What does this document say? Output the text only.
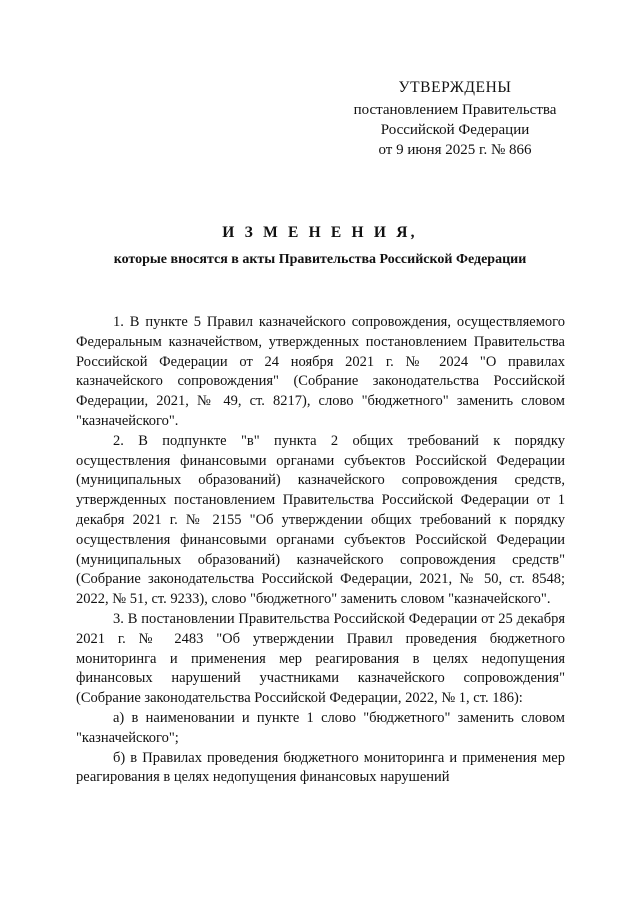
УТВЕРЖДЕНЫ
постановлением Правительства
Российской Федерации
от 9 июня 2025 г. № 866
И З М Е Н Е Н И Я,
которые вносятся в акты Правительства Российской Федерации

1. В пункте 5 Правил казначейского сопровождения, осуществляемого Федеральным казначейством, утвержденных постановлением Правительства Российской Федерации от 24 ноября 2021 г. № 2024 "О правилах казначейского сопровождения" (Собрание законодательства Российской Федерации, 2021, № 49, ст. 8217), слово "бюджетного" заменить словом "казначейского".

2. В подпункте "в" пункта 2 общих требований к порядку осуществления финансовыми органами субъектов Российской Федерации (муниципальных образований) казначейского сопровождения средств, утвержденных постановлением Правительства Российской Федерации от 1 декабря 2021 г. № 2155 "Об утверждении общих требований к порядку осуществления финансовыми органами субъектов Российской Федерации (муниципальных образований) казначейского сопровождения средств" (Собрание законодательства Российской Федерации, 2021, № 50, ст. 8548; 2022, № 51, ст. 9233), слово "бюджетного" заменить словом "казначейского".

3. В постановлении Правительства Российской Федерации от 25 декабря 2021 г. № 2483 "Об утверждении Правил проведения бюджетного мониторинга и применения мер реагирования в целях недопущения финансовых нарушений участниками казначейского сопровождения" (Собрание законодательства Российской Федерации, 2022, № 1, ст. 186):

а) в наименовании и пункте 1 слово "бюджетного" заменить словом "казначейского";

б) в Правилах проведения бюджетного мониторинга и применения мер реагирования в целях недопущения финансовых нарушений
